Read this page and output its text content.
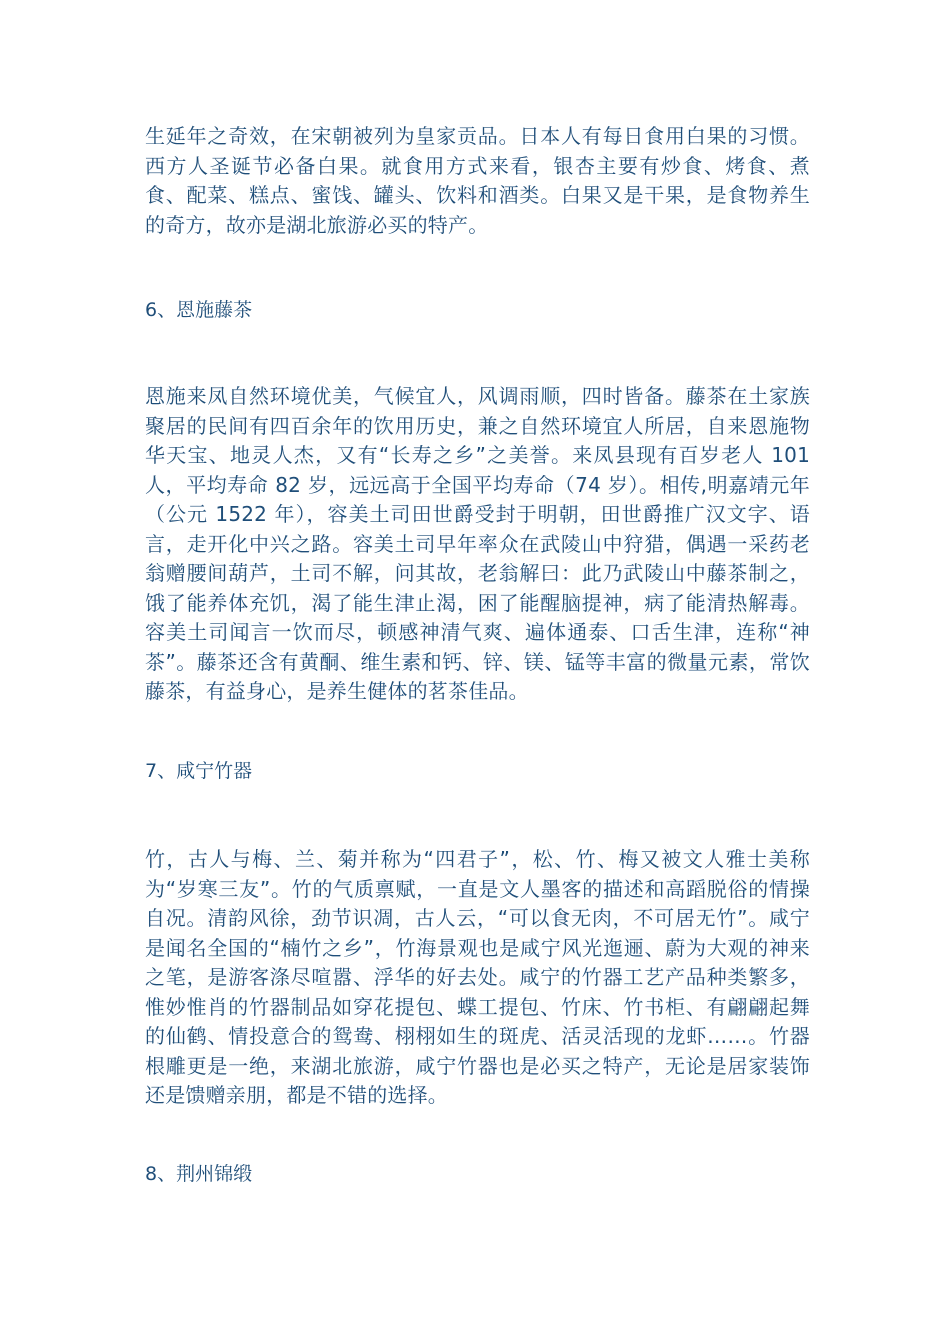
生延年之奇效，在宋朝被列为皇家贡品。日本人有每日食用白果的习惯。西方人圣诞节必备白果。就食用方式来看，银杏主要有炒食、烤食、煮食、配菜、糕点、蜜饯、罐头、饮料和酒类。白果又是干果，是食物养生的奇方，故亦是湖北旅游必买的特产。

6、恩施藤茶

恩施来凤自然环境优美，气候宜人，风调雨顺，四时皆备。藤茶在土家族聚居的民间有四百余年的饮用历史，兼之自然环境宜人所居，自来恩施物华天宝、地灵人杰，又有“长寿之乡”之美誉。来凤县现有百岁老人 101 人，平均寿命 82 岁，远远高于全国平均寿命（74 岁）。相传,明嘉靖元年（公元 1522 年），容美土司田世爵受封于明朝，田世爵推广汉文字、语言，走开化中兴之路。容美土司早年率众在武陵山中狩猎，偶遇一采药老翁赠腰间葫芦，土司不解，问其故，老翁解曰：此乃武陵山中藤茶制之，饿了能养体充饥，渴了能生津止渴，困了能醒脑提神，病了能清热解毒。容美土司闻言一饮而尽，顿感神清气爽、遍体通泰、口舌生津，连称“神茶”。藤茶还含有黄酮、维生素和钙、锌、镁、锰等丰富的微量元素，常饮藤茶，有益身心，是养生健体的茗茶佳品。

7、咸宁竹器

竹，古人与梅、兰、菊并称为“四君子”，松、竹、梅又被文人雅士美称为“岁寒三友”。竹的气质禀赋，一直是文人墨客的描述和高蹈脱俗的情操自况。清韵风徐，劲节识凋，古人云，“可以食无肉，不可居无竹”。咸宁是闻名全国的“楠竹之乡”，竹海景观也是咸宁风光迤逦、蔚为大观的神来之笔，是游客涤尽喧嚣、浮华的好去处。咸宁的竹器工艺产品种类繁多，惟妙惟肖的竹器制品如穿花提包、蝶工提包、竹床、竹书柜、有翩翩起舞的仙鹤、情投意合的鸳鸯、栩栩如生的斑虎、活灵活现的龙虾……。竹器根雕更是一绝，来湖北旅游，咸宁竹器也是必买之特产，无论是居家装饰还是馈赠亲朋，都是不错的选择。

8、荆州锦缎
